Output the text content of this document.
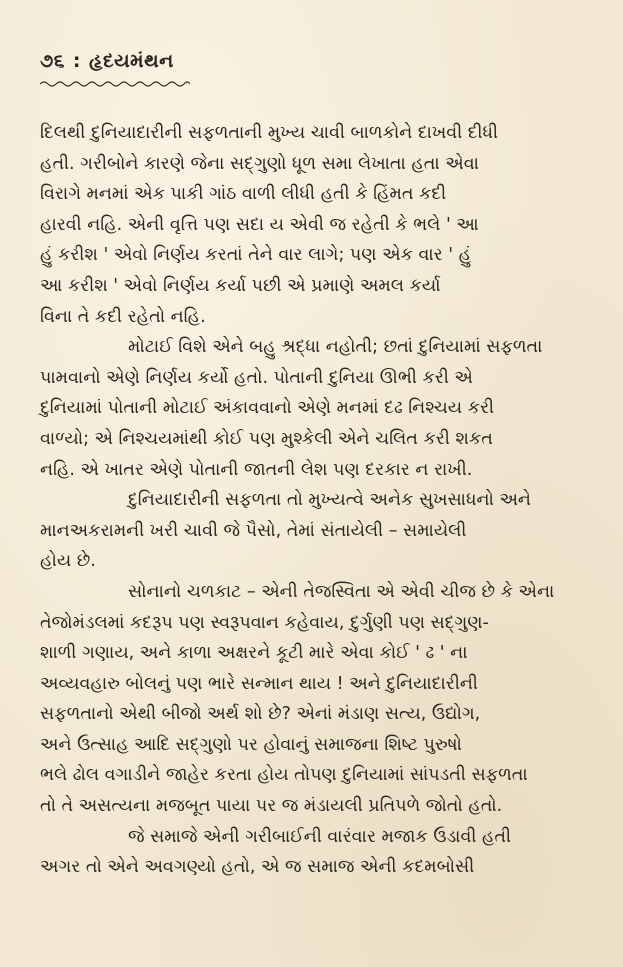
૭૬ : હૃદયમંથન
દિલથી દુનિયાદારીની સફળતાની મુખ્ય ચાવી બાળકોને દાખવી દીધી
હતી. ગરીબોને કારણે જેના સદ્‌ગુણો ધૂળ સમા લેખાતા હતા એવા
વિરાગે મનમાં એક પાકી ગાંઠ વાળી લીધી હતી કે હિંમત કદી
હારવી નહિ. એની વૃત્તિ પણ સદા ય એવી જ રહેતી કે ભલે ' આ
હું કરીશ ' એવો નિર્ણય કરતાં તેને વાર લાગે; પણ એક વાર ' હું
આ કરીશ ' એવો નિર્ણય કર્યા પછી એ પ્રમાણે અમલ કર્યા
વિના તે કદી રહેતો નહિ.
મોટાઈ વિશે એને બહુ શ્રદ્ધા નહોતી; છતાં દુનિયામાં સફળતા
પામવાનો એણે નિર્ણય કર્યો હતો. પોતાની દુનિયા ઊભી કરી એ
દુનિયામાં પોતાની મોટાઈ અંકાવવાનો એણે મનમાં દઢ નિશ્ચય કરી
વાળ્યો; એ નિશ્ચયમાંથી કોઈ પણ મુશ્કેલી એને ચલિત કરી શકત
નહિ. એ ખાતર એણે પોતાની જાતની લેશ પણ દરકાર ન રાખી.
દુનિયાદારીની સફળતા તો મુખ્યત્વે અનેક સુખસાધનો અને
માનઅકરામની ખરી ચાવી જે પૈસો, તેમાં સંતાયેલી – સમાયેલી
હોય છે.
સોનાનો ચળકાટ – એની તેજસ્વિતા એ એવી ચીજ છે કે એના
તેજોમંડલમાં કદરૂપ પણ સ્વરૂપવાન કહેવાય, દુર્ગુણી પણ સદ્‌ગુણ-
શાળી ગણાય, અને કાળા અક્ષરને કૂટી મારે એવા કોઈ ' ઢ ' ના
અવ્યવહારુ બોલનું પણ ભારે સન્માન થાય ! અને દુનિયાદારીની
સફળતાનો એથી બીજો અર્થ શો છે? એનાં મંડાણ સત્ય, ઉદ્યોગ,
અને ઉત્સાહ આદિ સદ્‌ગુણો પર હોવાનું સમાજના શિષ્ટ પુરુષો
ભલે ઢોલ વગાડીને જાહેર કરતા હોય તોપણ દુનિયામાં સાંપડતી સફળતા
તો તે અસત્યના મજબૂત પાયા પર જ મંડાયલી પ્રતિપળે જોતો હતો.
જે સમાજે એની ગરીબાઈની વારંવાર મજાક ઉડાવી હતી
અગર તો એને અવગણ્યો હતો, એ જ સમાજ એની કદમબોસી
